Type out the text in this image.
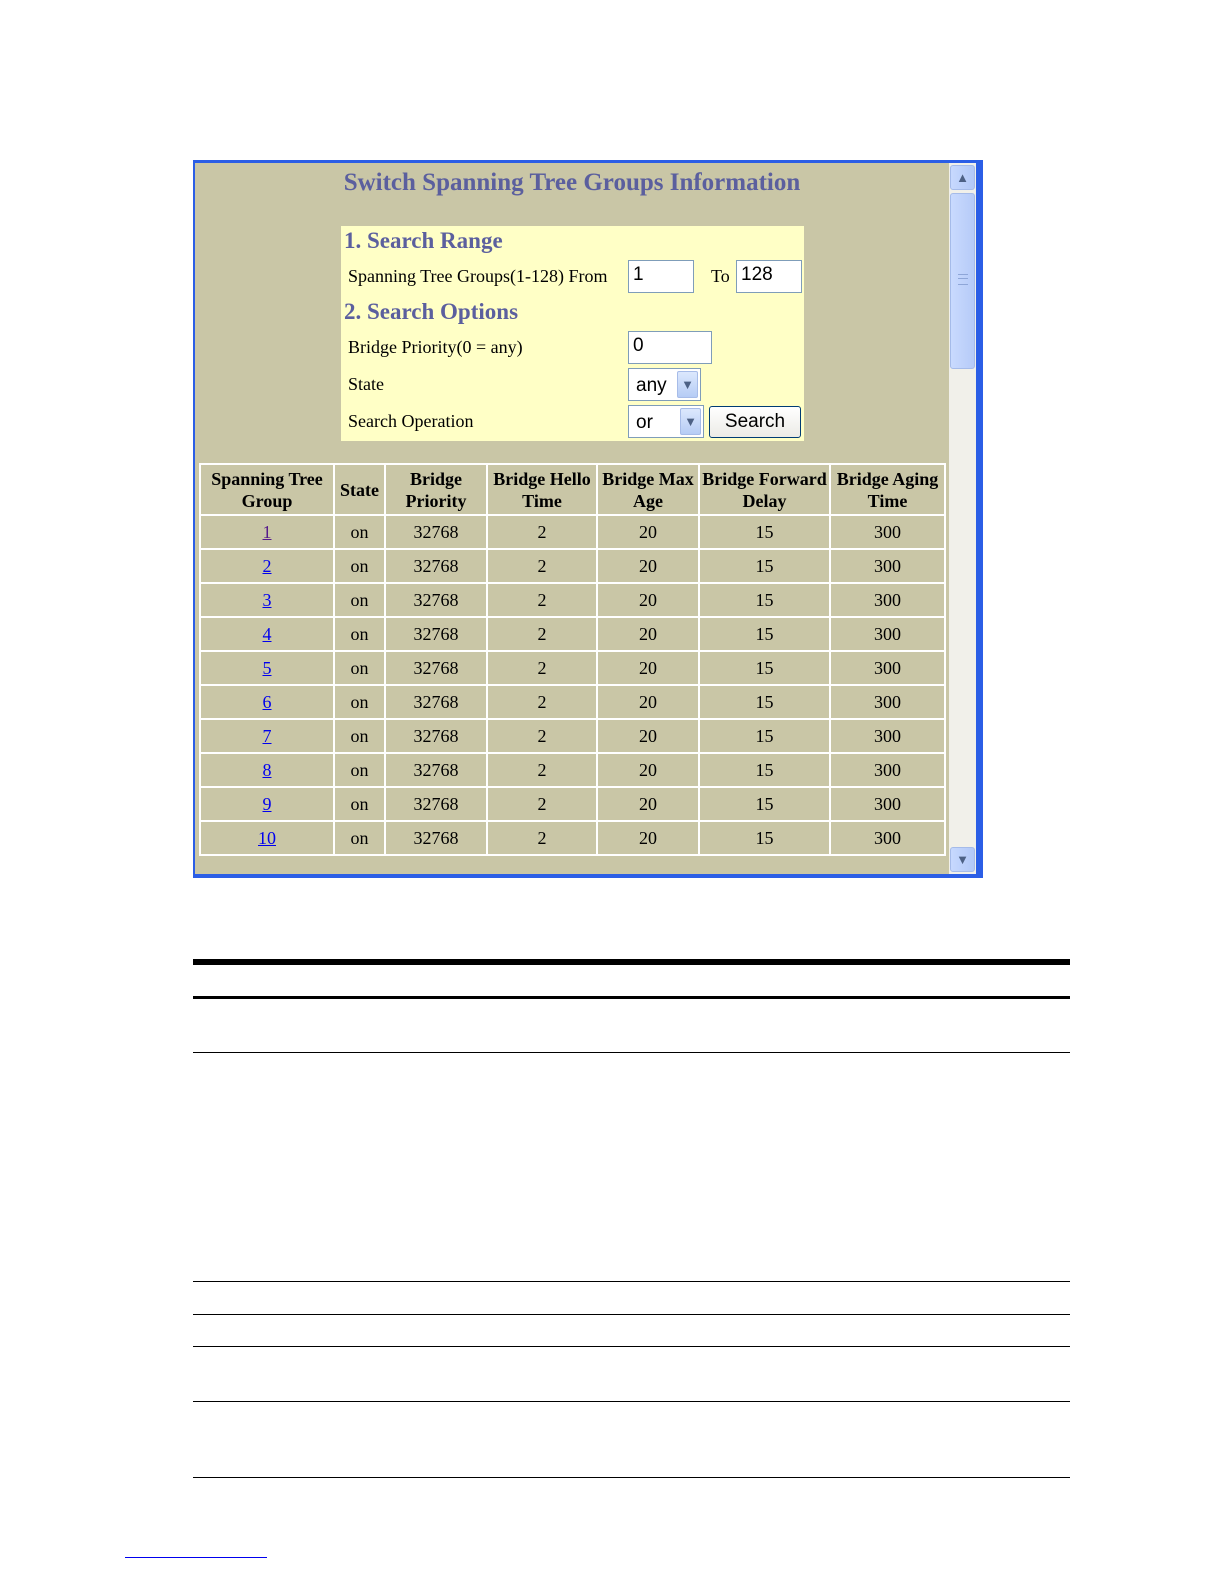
Switch Spanning Tree Groups Information
1. Search Range
Spanning Tree Groups(1-128) From 1	To 128
2. Search Options
Bridge Priority(0 = any)	0
State	any	▼
Search Operation	or	▼	Search
Spanning Tree Group	State	Bridge Priority	Bridge Hello Time	Bridge Max Age	Bridge Forward Delay	Bridge Aging Time
1	on	32768	2	20	15	300
2	on	32768	2	20	15	300
3	on	32768	2	20	15	300
4	on	32768	2	20	15	300
5	on	32768	2	20	15	300
6	on	32768	2	20	15	300
7	on	32768	2	20	15	300
8	on	32768	2	20	15	300
9	on	32768	2	20	15	300
10	on	32768	2	20	15	300
▲
▼
